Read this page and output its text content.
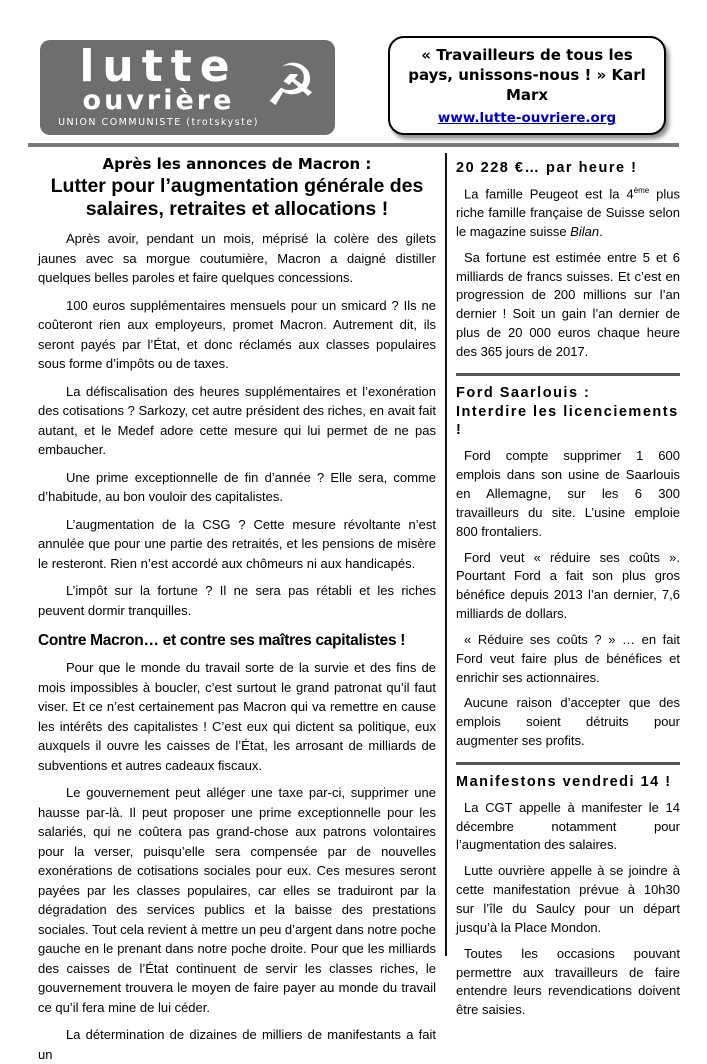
lutte
ouvrière
UNION COMMUNISTE (trotskyste)
☭	« Travailleurs de tous les pays, unissons-nous ! » Karl Marx
www.lutte-ouvriere.org
Après les annonces de Macron :
Lutter pour l’augmentation générale des salaires, retraites et allocations !

Après avoir, pendant un mois, méprisé la colère des gilets jaunes avec sa morgue coutumière, Macron a daigné distiller quelques belles paroles et faire quelques concessions.

100 euros supplémentaires mensuels pour un smicard ? Ils ne coûteront rien aux employeurs, promet Macron. Autrement dit, ils seront payés par l’État, et donc réclamés aux classes populaires sous forme d’impôts ou de taxes.

La défiscalisation des heures supplémentaires et l’exonération des cotisations ? Sarkozy, cet autre président des riches, en avait fait autant, et le Medef adore cette mesure qui lui permet de ne pas embaucher.

Une prime exceptionnelle de fin d’année ? Elle sera, comme d’habitude, au bon vouloir des capitalistes.

L’augmentation de la CSG ? Cette mesure révoltante n’est annulée que pour une partie des retraités, et les pensions de misère le resteront. Rien n’est accordé aux chômeurs ni aux handicapés.

L’impôt sur la fortune ? Il ne sera pas rétabli et les riches peuvent dormir tranquilles.

Contre Macron… et contre ses maîtres capitalistes !

Pour que le monde du travail sorte de la survie et des fins de mois impossibles à boucler, c’est surtout le grand patronat qu’il faut viser. Et ce n’est certainement pas Macron qui va remettre en cause les intérêts des capitalistes ! C’est eux qui dictent sa politique, eux auxquels il ouvre les caisses de l’État, les arrosant de milliards de subventions et autres cadeaux fiscaux.

Le gouvernement peut alléger une taxe par-ci, supprimer une hausse par-là. Il peut proposer une prime exceptionnelle pour les salariés, qui ne coûtera pas grand-chose aux patrons volontaires pour la verser, puisqu’elle sera compensée par de nouvelles exonérations de cotisations sociales pour eux. Ces mesures seront payées par les classes populaires, car elles se traduiront par la dégradation des services publics et la baisse des prestations sociales. Tout cela revient à mettre un peu d’argent dans notre poche gauche en le prenant dans notre poche droite. Pour que les milliards des caisses de l’État continuent de servir les classes riches, le gouvernement trouvera le moyen de faire payer au monde du travail ce qu’il fera mine de lui céder.

La détermination de dizaines de milliers de manifestants a fait un

20 228 €… par heure !

La famille Peugeot est la 4ème plus riche famille française de Suisse selon le magazine suisse Bilan.

Sa fortune est estimée entre 5 et 6 milliards de francs suisses. Et c’est en progression de 200 millions sur l’an dernier ! Soit un gain l’an dernier de plus de 20 000 euros chaque heure des 365 jours de 2017.

Ford Saarlouis :
Interdire les licenciements !

Ford compte supprimer 1 600 emplois dans son usine de Saarlouis en Allemagne, sur les 6 300 travailleurs du site. L’usine emploie 800 frontaliers.

Ford veut « réduire ses coûts ». Pourtant Ford a fait son plus gros bénéfice depuis 2013 l’an dernier, 7,6 milliards de dollars.

« Réduire ses coûts ? » … en fait Ford veut faire plus de bénéfices et enrichir ses actionnaires.

Aucune raison d’accepter que des emplois soient détruits pour augmenter ses profits.

Manifestons vendredi 14 !

La CGT appelle à manifester le 14 décembre notamment pour l’augmentation des salaires.

Lutte ouvrière appelle à se joindre à cette manifestation prévue à 10h30 sur l’île du Saulcy pour un départ jusqu’à la Place Mondon.

Toutes les occasions pouvant permettre aux travailleurs de faire entendre leurs revendications doivent être saisies.
